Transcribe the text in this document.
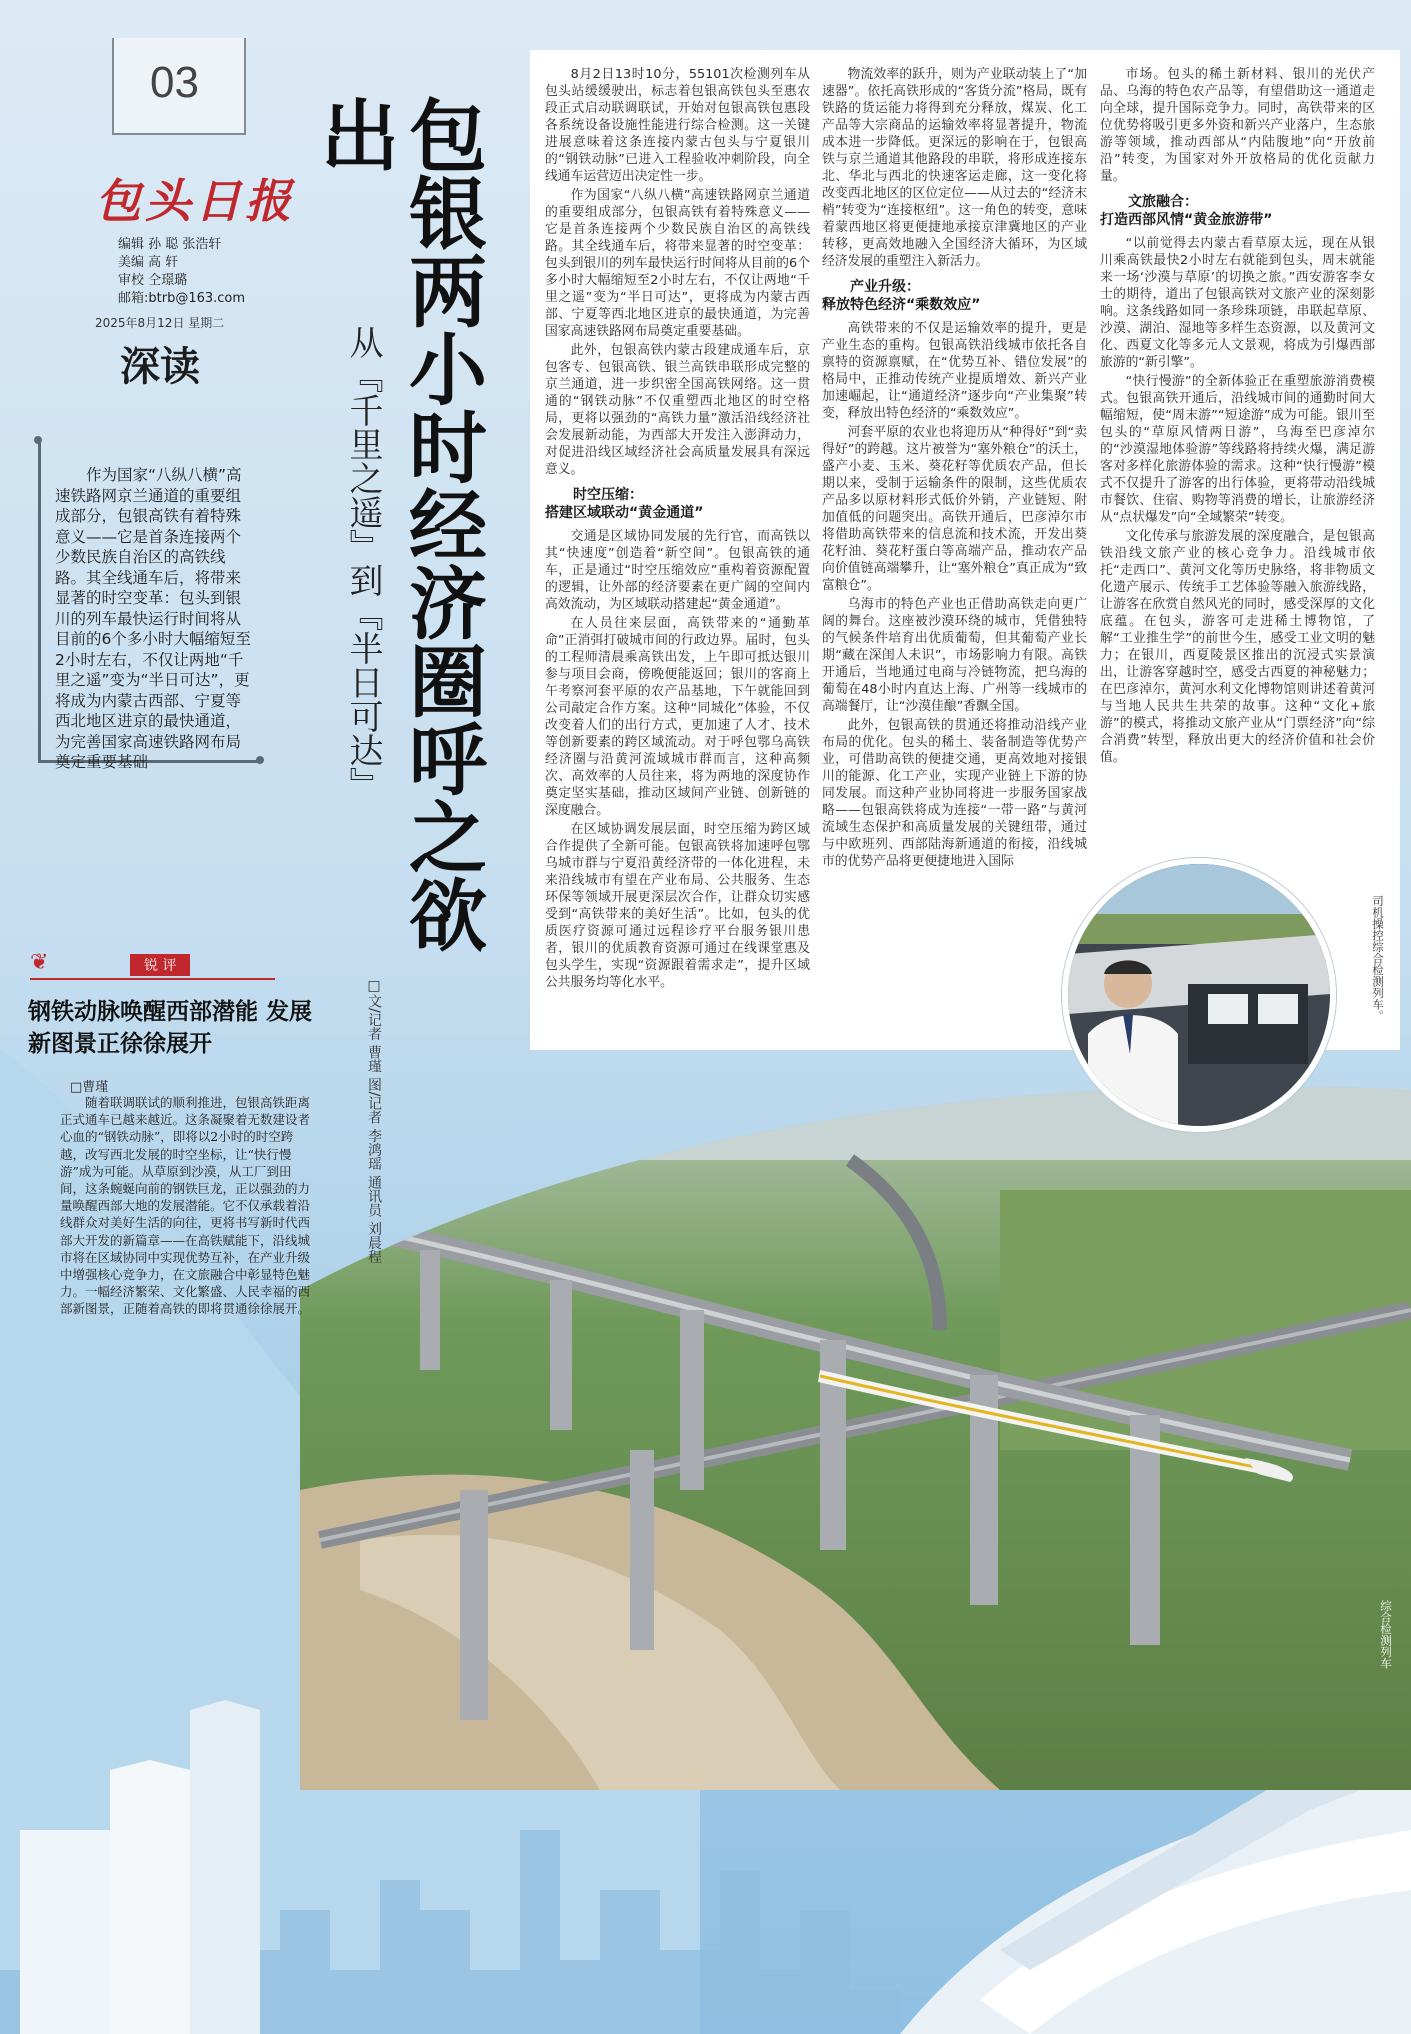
司机操控综合检测列车。
综合检测列车
03
包头日报
编辑 孙 聪 张浩轩
美编 高 轩
审校 仝璟璐
邮箱:btrb@163.com
2025年8月12日 星期二
深读
作为国家“八纵八横”高速铁路网京兰通道的重要组成部分，包银高铁有着特殊意义——它是首条连接两个少数民族自治区的高铁线路。其全线通车后，将带来显著的时空变革：包头到银川的列车最快运行时间将从目前的6个多小时大幅缩短至2小时左右，不仅让两地“千里之遥”变为“半日可达”，更将成为内蒙古西部、宁夏等西北地区进京的最快通道，为完善国家高速铁路网布局奠定重要基础
❦	锐 评
钢铁动脉唤醒西部潜能 发展新图景正徐徐展开
□曹瑾
随着联调联试的顺利推进，包银高铁距离正式通车已越来越近。这条凝聚着无数建设者心血的“钢铁动脉”，即将以2小时的时空跨越，改写西北发展的时空坐标，让“快行慢游”成为可能。从草原到沙漠，从工厂到田间，这条蜿蜒向前的钢铁巨龙，正以强劲的力量唤醒西部大地的发展潜能。它不仅承载着沿线群众对美好生活的向往，更将书写新时代西部大开发的新篇章——在高铁赋能下，沿线城市将在区域协同中实现优势互补，在产业升级中增强核心竞争力，在文旅融合中彰显特色魅力。一幅经济繁荣、文化繁盛、人民幸福的西部新图景，正随着高铁的即将贯通徐徐展开。
包银两小时经济圈呼之欲出
从『千里之遥』到『半日可达』
□文/记者 曹瑾 图/记者 李鸿瑶 通讯员 刘晨程

8月2日13时10分，55101次检测列车从包头站缓缓驶出，标志着包银高铁包头至惠农段正式启动联调联试，开始对包银高铁包惠段各系统设备设施性能进行综合检测。这一关键进展意味着这条连接内蒙古包头与宁夏银川的“钢铁动脉”已进入工程验收冲刺阶段，向全线通车运营迈出决定性一步。

作为国家“八纵八横”高速铁路网京兰通道的重要组成部分，包银高铁有着特殊意义——它是首条连接两个少数民族自治区的高铁线路。其全线通车后，将带来显著的时空变革：包头到银川的列车最快运行时间将从目前的6个多小时大幅缩短至2小时左右，不仅让两地“千里之遥”变为“半日可达”，更将成为内蒙古西部、宁夏等西北地区进京的最快通道，为完善国家高速铁路网布局奠定重要基础。

此外，包银高铁内蒙古段建成通车后，京包客专、包银高铁、银兰高铁串联形成完整的京兰通道，进一步织密全国高铁网络。这一贯通的“钢铁动脉”不仅重塑西北地区的时空格局，更将以强劲的“高铁力量”激活沿线经济社会发展新动能，为西部大开发注入澎湃动力，对促进沿线区域经济社会高质量发展具有深远意义。

时空压缩：
搭建区域联动“黄金通道”

交通是区域协同发展的先行官，而高铁以其“快速度”创造着“新空间”。包银高铁的通车，正是通过“时空压缩效应”重构着资源配置的逻辑，让外部的经济要素在更广阔的空间内高效流动，为区域联动搭建起“黄金通道”。

在人员往来层面，高铁带来的“通勤革命”正消弭打破城市间的行政边界。届时，包头的工程师清晨乘高铁出发，上午即可抵达银川参与项目会商，傍晚便能返回；银川的客商上午考察河套平原的农产品基地，下午就能回到公司敲定合作方案。这种“同城化”体验，不仅改变着人们的出行方式，更加速了人才、技术等创新要素的跨区域流动。对于呼包鄂乌高铁经济圈与沿黄河流域城市群而言，这种高频次、高效率的人员往来，将为两地的深度协作奠定坚实基础，推动区域间产业链、创新链的深度融合。

在区域协调发展层面，时空压缩为跨区域合作提供了全新可能。包银高铁将加速呼包鄂乌城市群与宁夏沿黄经济带的一体化进程，未来沿线城市有望在产业布局、公共服务、生态环保等领域开展更深层次合作，让群众切实感受到“高铁带来的美好生活”。比如，包头的优质医疗资源可通过远程诊疗平台服务银川患者，银川的优质教育资源可通过在线课堂惠及包头学生，实现“资源跟着需求走”，提升区域公共服务均等化水平。

物流效率的跃升，则为产业联动装上了“加速器”。依托高铁形成的“客货分流”格局，既有铁路的货运能力将得到充分释放，煤炭、化工产品等大宗商品的运输效率将显著提升，物流成本进一步降低。更深远的影响在于，包银高铁与京兰通道其他路段的串联，将形成连接东北、华北与西北的快速客运走廊，这一变化将改变西北地区的区位定位——从过去的“经济末梢”转变为“连接枢纽”。这一角色的转变，意味着蒙西地区将更便捷地承接京津冀地区的产业转移，更高效地融入全国经济大循环，为区域经济发展的重塑注入新活力。

产业升级：
释放特色经济“乘数效应”

高铁带来的不仅是运输效率的提升，更是产业生态的重构。包银高铁沿线城市依托各自禀特的资源禀赋，在“优势互补、错位发展”的格局中，正推动传统产业提质增效、新兴产业加速崛起，让“通道经济”逐步向“产业集聚”转变，释放出特色经济的“乘数效应”。

河套平原的农业也将迎历从“种得好”到“卖得好”的跨越。这片被誉为“塞外粮仓”的沃土，盛产小麦、玉米、葵花籽等优质农产品，但长期以来，受制于运输条件的限制，这些优质农产品多以原材料形式低价外销，产业链短、附加值低的问题突出。高铁开通后，巴彦淖尔市将借助高铁带来的信息流和技术流，开发出葵花籽油、葵花籽蛋白等高端产品，推动农产品向价值链高端攀升，让“塞外粮仓”真正成为“致富粮仓”。

乌海市的特色产业也正借助高铁走向更广阔的舞台。这座被沙漠环绕的城市，凭借独特的气候条件培育出优质葡萄，但其葡萄产业长期“藏在深闺人未识”，市场影响力有限。高铁开通后，当地通过电商与冷链物流，把乌海的葡萄在48小时内直达上海、广州等一线城市的高端餐厅，让“沙漠佳酿”香飘全国。

此外，包银高铁的贯通还将推动沿线产业布局的优化。包头的稀土、装备制造等优势产业，可借助高铁的便捷交通，更高效地对接银川的能源、化工产业，实现产业链上下游的协同发展。而这种产业协同将进一步服务国家战略——包银高铁将成为连接“一带一路”与黄河流域生态保护和高质量发展的关键纽带，通过与中欧班列、西部陆海新通道的衔接，沿线城市的优势产品将更便捷地进入国际

市场。包头的稀土新材料、银川的光伏产品、乌海的特色农产品等，有望借助这一通道走向全球，提升国际竞争力。同时，高铁带来的区位优势将吸引更多外资和新兴产业落户，生态旅游等领域，推动西部从“内陆腹地”向“开放前沿”转变，为国家对外开放格局的优化贡献力量。

文旅融合：
打造西部风情“黄金旅游带”

“以前觉得去内蒙古看草原太远，现在从银川乘高铁最快2小时左右就能到包头，周末就能来一场‘沙漠与草原’的切换之旅。”西安游客李女士的期待，道出了包银高铁对文旅产业的深刻影响。这条线路如同一条珍珠项链，串联起草原、沙漠、湖泊、湿地等多样生态资源，以及黄河文化、西夏文化等多元人文景观，将成为引爆西部旅游的“新引擎”。

“快行慢游”的全新体验正在重塑旅游消费模式。包银高铁开通后，沿线城市间的通勤时间大幅缩短，使“周末游”“短途游”成为可能。银川至包头的“草原风情两日游”，乌海至巴彦淖尔的“沙漠湿地体验游”等线路将持续火爆，满足游客对多样化旅游体验的需求。这种“快行慢游”模式不仅提升了游客的出行体验，更将带动沿线城市餐饮、住宿、购物等消费的增长，让旅游经济从“点状爆发”向“全域繁荣”转变。

文化传承与旅游发展的深度融合，是包银高铁沿线文旅产业的核心竞争力。沿线城市依托“走西口”、黄河文化等历史脉络，将非物质文化遗产展示、传统手工艺体验等融入旅游线路，让游客在欣赏自然风光的同时，感受深厚的文化底蕴。在包头，游客可走进稀土博物馆，了解“工业推生学”的前世今生，感受工业文明的魅力；在银川，西夏陵景区推出的沉浸式实景演出，让游客穿越时空，感受古西夏的神秘魅力；在巴彦淖尔，黄河水利文化博物馆则讲述着黄河与当地人民共生共荣的故事。这种“文化+旅游”的模式，将推动文旅产业从“门票经济”向“综合消费”转型，释放出更大的经济价值和社会价值。
